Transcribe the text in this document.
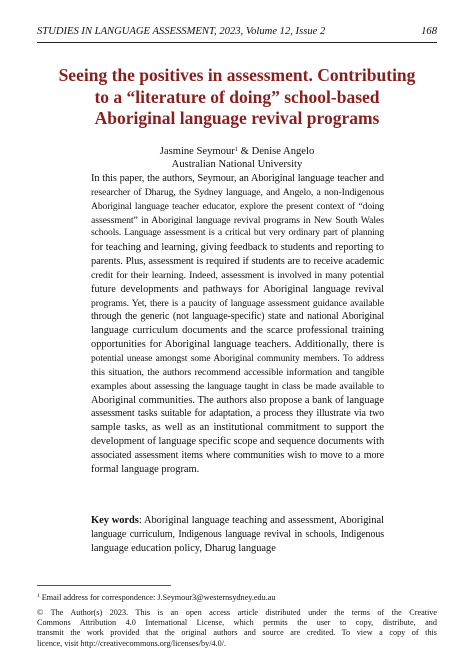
STUDIES IN LANGUAGE ASSESSMENT, 2023, Volume 12, Issue 2	168
Seeing the positives in assessment. Contributing
to a “literature of doing” school-based
Aboriginal language revival programs
Jasmine Seymour$^1$ & Denise Angelo
Australian National University
In this paper, the authors, Seymour, an Aboriginal language teacher and
researcher of Dharug, the Sydney language, and Angelo, a non-Indigenous
Aboriginal language teacher educator, explore the present context of “doing
assessment” in Aboriginal language revival programs in New South Wales
schools. Language assessment is a critical but very ordinary part of planning
for teaching and learning, giving feedback to students and reporting to
parents. Plus, assessment is required if students are to receive academic
credit for their learning. Indeed, assessment is involved in many potential
future developments and pathways for Aboriginal language revival
programs. Yet, there is a paucity of language assessment guidance available
through the generic (not language-specific) state and national Aboriginal
language curriculum documents and the scarce professional training
opportunities for Aboriginal language teachers. Additionally, there is
potential unease amongst some Aboriginal community members. To address
this situation, the authors recommend accessible information and tangible
examples about assessing the language taught in class be made available to
Aboriginal communities. The authors also propose a bank of language
assessment tasks suitable for adaptation, a process they illustrate via two
sample tasks, as well as an institutional commitment to support the
development of language specific scope and sequence documents with
associated assessment items where communities wish to move to a more
formal language program.
Key words: Aboriginal language teaching and assessment, Aboriginal
language curriculum, Indigenous language revival in schools, Indigenous
language education policy, Dharug language
$^1$ Email address for correspondence: J.Seymour3@westernsydney.edu.au
© The Author(s) 2023. This is an open access article distributed under the terms of the Creative
Commons Attribution 4.0 International License, which permits the user to copy, distribute, and
transmit the work provided that the original authors and source are credited. To view a copy of this
licence, visit http://creativecommons.org/licenses/by/4.0/.
